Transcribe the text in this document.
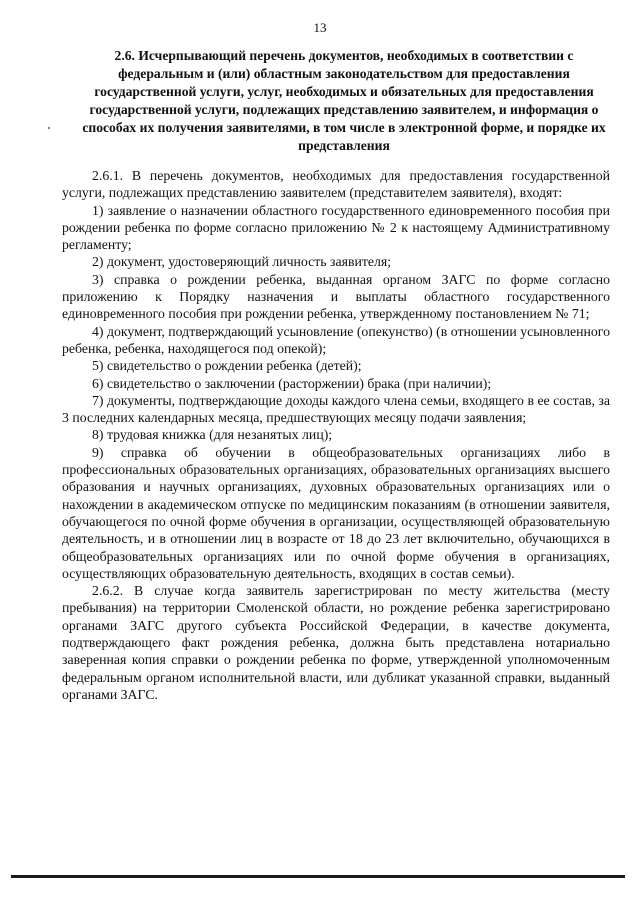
13
2.6. Исчерпывающий перечень документов, необходимых в соответствии с федеральным и (или) областным законодательством для предоставления государственной услуги, услуг, необходимых и обязательных для предоставления государственной услуги, подлежащих представлению заявителем, и информация о способах их получения заявителями, в том числе в электронной форме, и порядке их представления

2.6.1. В перечень документов, необходимых для предоставления государственной услуги, подлежащих представлению заявителем (представителем заявителя), входят:

1) заявление о назначении областного государственного единовременного пособия при рождении ребенка по форме согласно приложению № 2 к настоящему Административному регламенту;

2) документ, удостоверяющий личность заявителя;

3) справка о рождении ребенка, выданная органом ЗАГС по форме согласно приложению к Порядку назначения и выплаты областного государственного единовременного пособия при рождении ребенка, утвержденному постановлением № 71;

4) документ, подтверждающий усыновление (опекунство) (в отношении усыновленного ребенка, ребенка, находящегося под опекой);

5) свидетельство о рождении ребенка (детей);

6) свидетельство о заключении (расторжении) брака (при наличии);

7) документы, подтверждающие доходы каждого члена семьи, входящего в ее состав, за 3 последних календарных месяца, предшествующих месяцу подачи заявления;

8) трудовая книжка (для незанятых лиц);

9) справка об обучении в общеобразовательных организациях либо в профессиональных образовательных организациях, образовательных организациях высшего образования и научных организациях, духовных образовательных организациях или о нахождении в академическом отпуске по медицинским показаниям (в отношении заявителя, обучающегося по очной форме обучения в организации, осуществляющей образовательную деятельность, и в отношении лиц в возрасте от 18 до 23 лет включительно, обучающихся в общеобразовательных организациях или по очной форме обучения в организациях, осуществляющих образовательную деятельность, входящих в состав семьи).

2.6.2. В случае когда заявитель зарегистрирован по месту жительства (месту пребывания) на территории Смоленской области, но рождение ребенка зарегистрировано органами ЗАГС другого субъекта Российской Федерации, в качестве документа, подтверждающего факт рождения ребенка, должна быть представлена нотариально заверенная копия справки о рождении ребенка по форме, утвержденной уполномоченным федеральным органом исполнительной власти, или дубликат указанной справки, выданный органами ЗАГС.
